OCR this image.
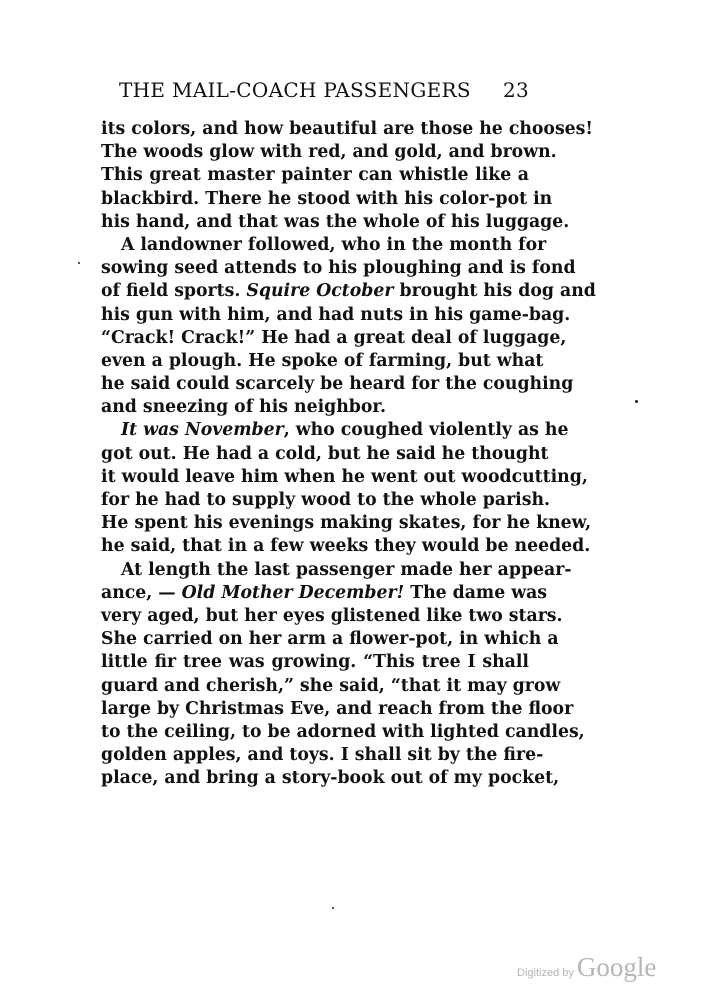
THE MAIL-COACH PASSENGERS 23
its colors, and how beautiful are those he chooses!
The woods glow with red, and gold, and brown.
This great master painter can whistle like a
blackbird. There he stood with his color-pot in
his hand, and that was the whole of his luggage.
A landowner followed, who in the month for
sowing seed attends to his ploughing and is fond
of field sports. Squire October brought his dog and
his gun with him, and had nuts in his game-bag.
“Crack! Crack!” He had a great deal of luggage,
even a plough. He spoke of farming, but what
he said could scarcely be heard for the coughing
and sneezing of his neighbor.
It was November, who coughed violently as he
got out. He had a cold, but he said he thought
it would leave him when he went out woodcutting,
for he had to supply wood to the whole parish.
He spent his evenings making skates, for he knew,
he said, that in a few weeks they would be needed.
At length the last passenger made her appear-
ance, — Old Mother December! The dame was
very aged, but her eyes glistened like two stars.
She carried on her arm a flower-pot, in which a
little fir tree was growing. “This tree I shall
guard and cherish,” she said, “that it may grow
large by Christmas Eve, and reach from the floor
to the ceiling, to be adorned with lighted candles,
golden apples, and toys. I shall sit by the fire-
place, and bring a story-book out of my pocket,
Digitized by Google
